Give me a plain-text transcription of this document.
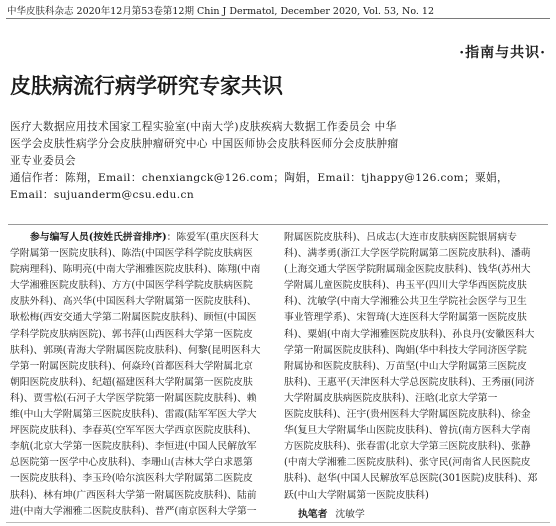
中华皮肤科杂志 2020年12月第53卷第12期 Chin J Dermatol, December 2020, Vol. 53, No. 12
·指南与共识·
皮肤病流行病学研究专家共识

医疗大数据应用技术国家工程实验室(中南大学)皮肤疾病大数据工作委员会 中华

医学会皮肤性病学分会皮肤肿瘤研究中心 中国医师协会皮肤科医师分会皮肤肿瘤

亚专业委员会

通信作者：陈翔，Email：chenxiangck@126.com；陶娟，Email：tjhappy@126.com；粟娟，

Email：sujuanderm@csu.edu.cn

参与编写人员(按姓氏拼音排序)：陈爱军(重庆医科大

学附属第一医院皮肤科)、陈浩(中国医学科学院皮肤病医

院病理科)、陈明亮(中南大学湘雅医院皮肤科)、陈翔(中南

大学湘雅医院皮肤科)、方方(中国医学科学院皮肤病医院

皮肤外科)、高兴华(中国医科大学附属第一医院皮肤科)、

耿松梅(西安交通大学第二附属医院皮肤科)、顾恒(中国医

学科学院皮肤病医院)、郭书萍(山西医科大学第一医院皮

肤科)、郭瑛(青海大学附属医院皮肤科)、何黎(昆明医科大

学第一附属医院皮肤科)、何焱玲(首都医科大学附属北京

朝阳医院皮肤科)、纪超(福建医科大学附属第一医院皮肤

科)、贾雪松(石河子大学医学院第一附属医院皮肤科)、赖

维(中山大学附属第三医院皮肤科)、雷霞(陆军军医大学大

坪医院皮肤科)、李春英(空军军医大学西京医院皮肤科)、

李航(北京大学第一医院皮肤科)、李恒进(中国人民解放军

总医院第一医学中心皮肤科)、李珊山(吉林大学白求恩第

一医院皮肤科)、李玉玲(哈尔滨医科大学附属第二医院皮

肤科)、林有坤(广西医科大学第一附属医院皮肤科)、陆前

进(中南大学湘雅二医院皮肤科)、普严(南京医科大学第一

附属医院皮肤科)、吕成志(大连市皮肤病医院银屑病专

科)、满孝勇(浙江大学医学院附属第二医院皮肤科)、潘萌

(上海交通大学医学院附属瑞金医院皮肤科)、钱华(苏州大

学附属儿童医院皮肤科)、冉玉平(四川大学华西医院皮肤

科)、沈敏学(中南大学湘雅公共卫生学院社会医学与卫生

事业管理学系)、宋智琦(大连医科大学附属第一医院皮肤

科)、粟娟(中南大学湘雅医院皮肤科)、孙良丹(安徽医科大

学第一附属医院皮肤科)、陶娟(华中科技大学同济医学院

附属协和医院皮肤科)、万苗坚(中山大学附属第三医院皮

肤科)、王惠平(天津医科大学总医院皮肤科)、王秀丽(同济

大学附属皮肤病医院皮肤科)、汪晗(北京大学第一

医院皮肤科)、汪宇(贵州医科大学附属医院皮肤科)、徐金

华(复旦大学附属华山医院皮肤科)、曾抗(南方医科大学南

方医院皮肤科)、张春雷(北京大学第三医院皮肤科)、张静

(中南大学湘雅二医院皮肤科)、张守民(河南省人民医院皮

肤科)、赵华(中国人民解放军总医院(301医院)皮肤科)、郑

跃(中山大学附属第一医院皮肤科)

执笔者 沈敏学
